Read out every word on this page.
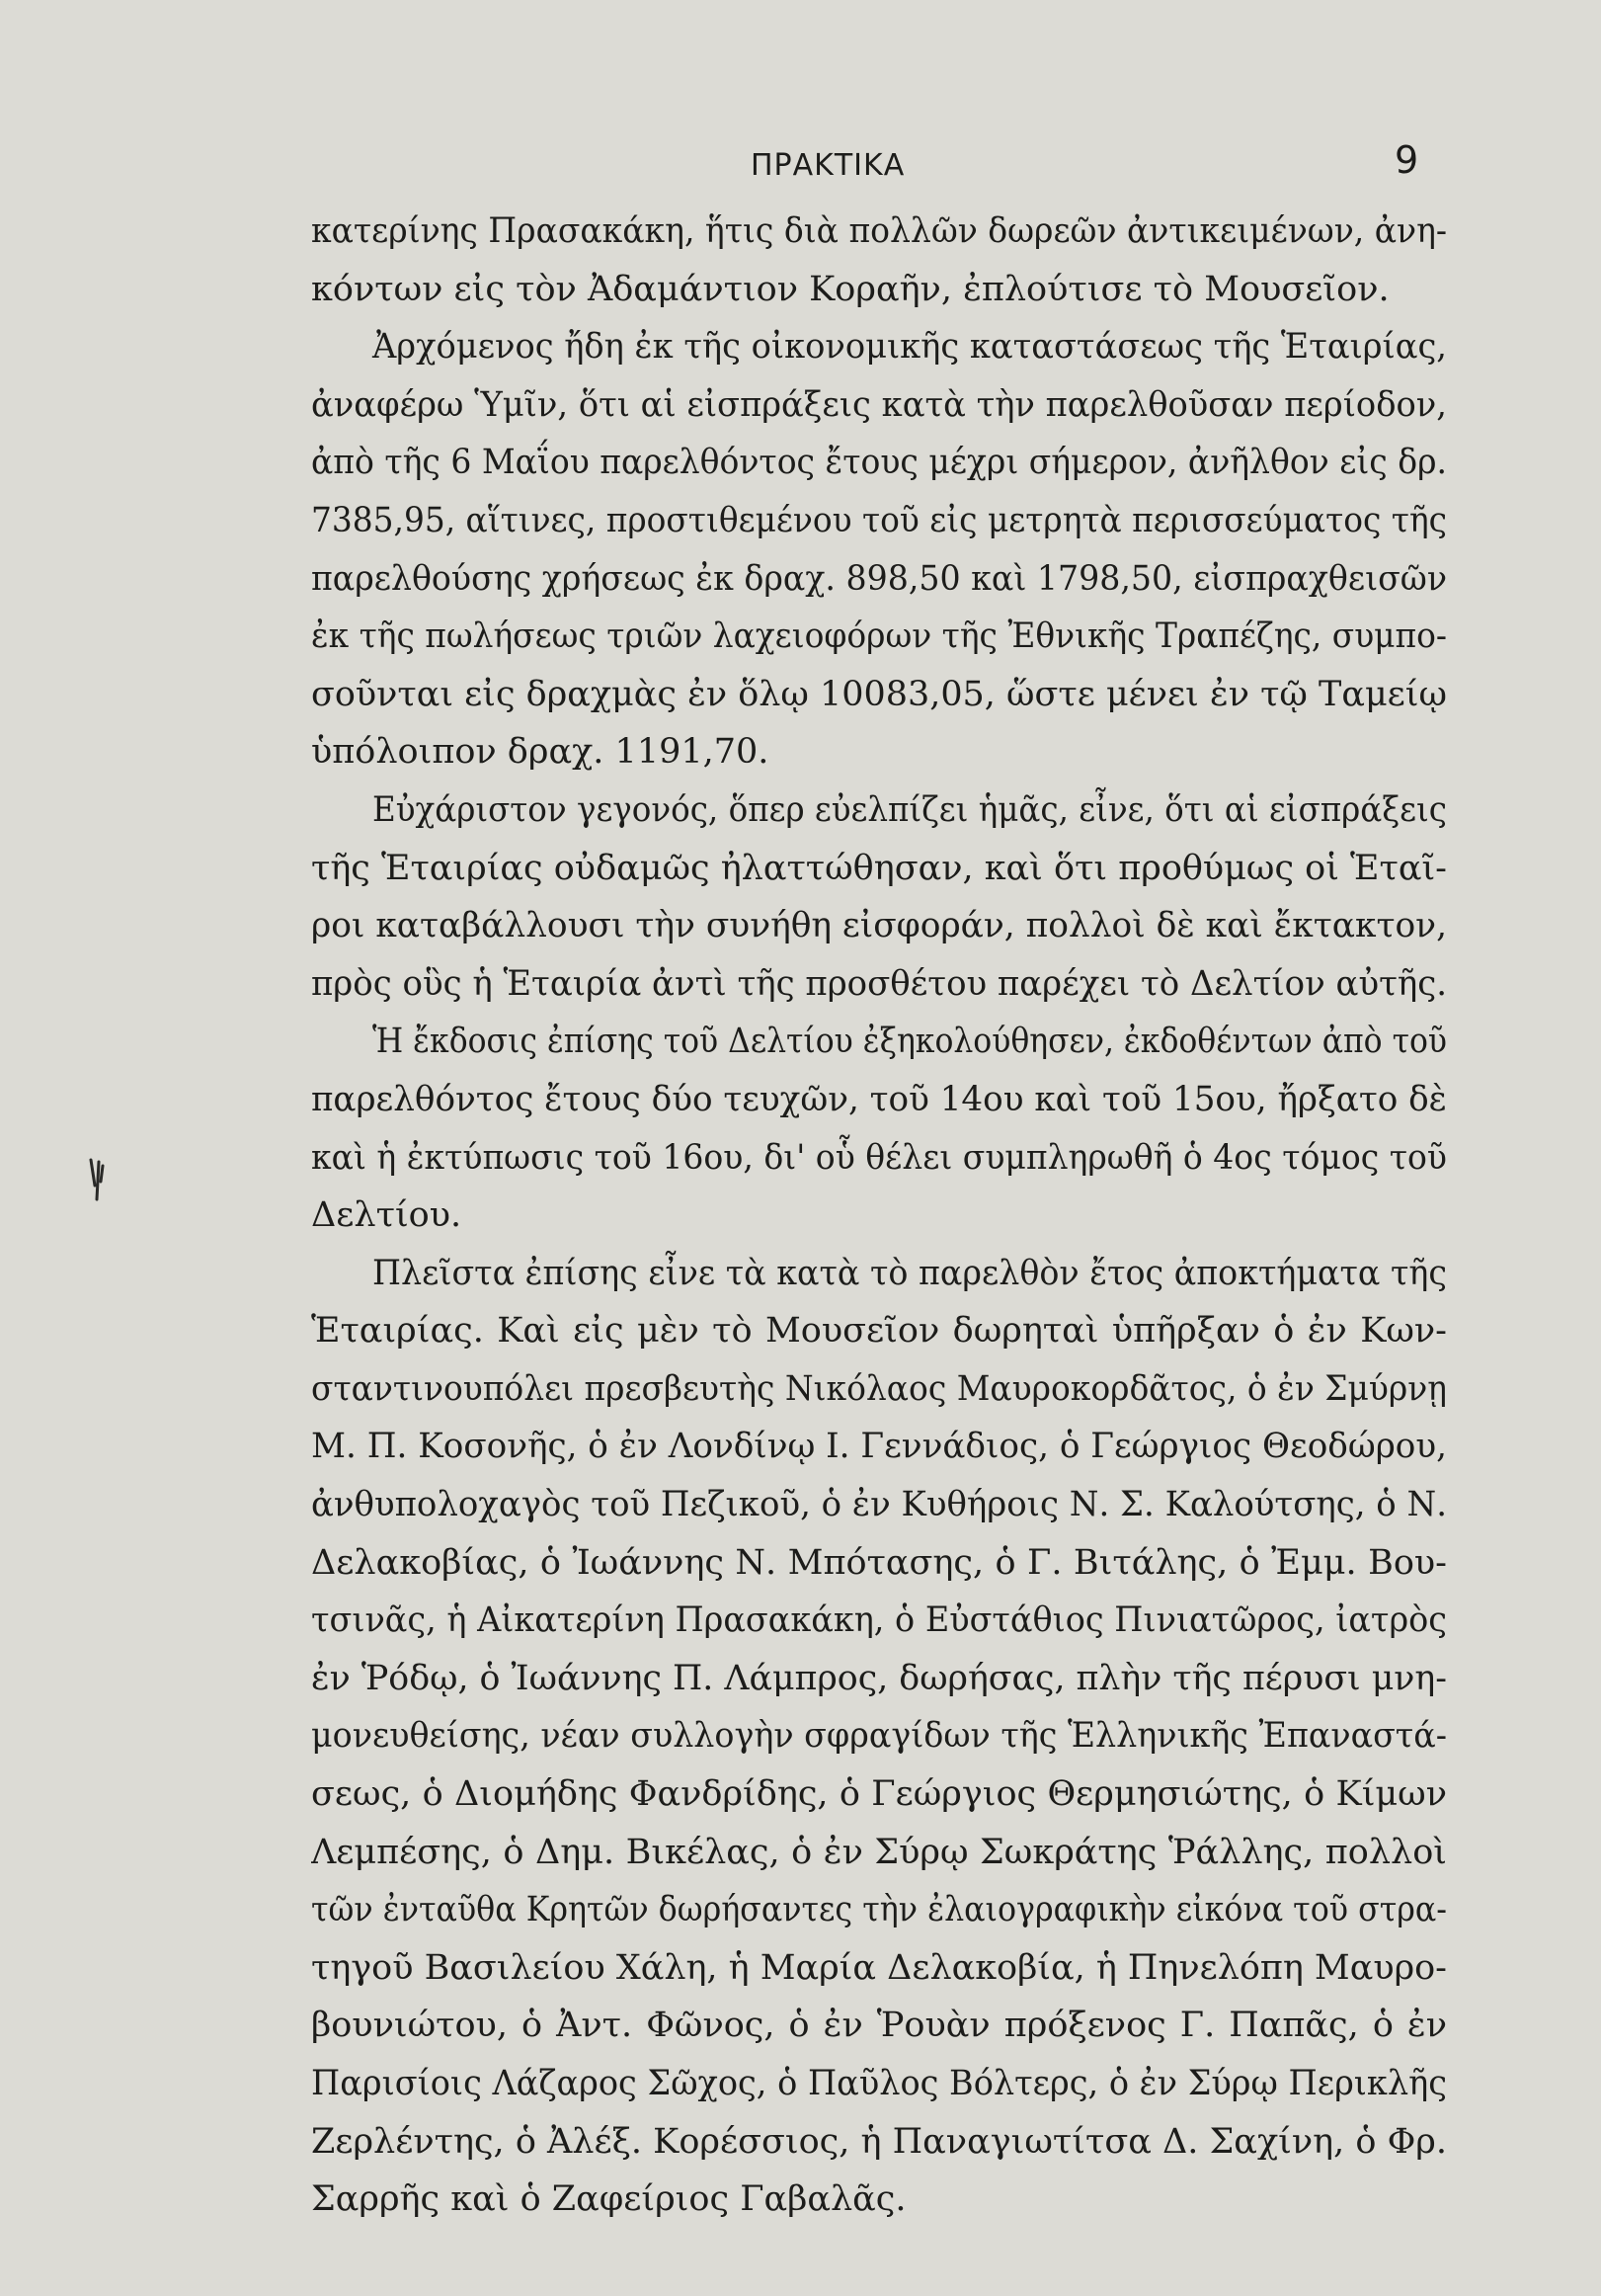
ΠΡΑΚΤΙΚΑ	9
κατερίνης Πρασακάκη, ἥτις διὰ πολλῶν δωρεῶν ἀντικειμένων, ἀνη-
κόντων εἰς τὸν Ἀδαμάντιον Κοραῆν, ἐπλούτισε τὸ Μουσεῖον.
Ἀρχόμενος ἤδη ἐκ τῆς οἰκονομικῆς καταστάσεως τῆς Ἑταιρίας,
ἀναφέρω Ὑμῖν, ὅτι αἱ εἰσπράξεις κατὰ τὴν παρελθοῦσαν περίοδον,
ἀπὸ τῆς 6 Μαΐου παρελθόντος ἔτους μέχρι σήμερον, ἀνῆλθον εἰς δρ.
7385,95, αἵτινες, προστιθεμένου τοῦ εἰς μετρητὰ περισσεύματος τῆς
παρελθούσης χρήσεως ἐκ δραχ. 898,50 καὶ 1798,50, εἰσπραχθεισῶν
ἐκ τῆς πωλήσεως τριῶν λαχειοφόρων τῆς Ἐθνικῆς Τραπέζης, συμπο-
σοῦνται εἰς δραχμὰς ἐν ὅλῳ 10083,05, ὥστε μένει ἐν τῷ Ταμείῳ
ὑπόλοιπον δραχ. 1191,70.
Εὐχάριστον γεγονός, ὅπερ εὐελπίζει ἡμᾶς, εἶνε, ὅτι αἱ εἰσπράξεις
τῆς Ἑταιρίας οὐδαμῶς ἠλαττώθησαν, καὶ ὅτι προθύμως οἱ Ἑταῖ-
ροι καταβάλλουσι τὴν συνήθη εἰσφοράν, πολλοὶ δὲ καὶ ἔκτακτον,
πρὸς οὓς ἡ Ἑταιρία ἀντὶ τῆς προσθέτου παρέχει τὸ Δελτίον αὐτῆς.
Ἡ ἔκδοσις ἐπίσης τοῦ Δελτίου ἐξηκολούθησεν, ἐκδοθέντων ἀπὸ τοῦ
παρελθόντος ἔτους δύο τευχῶν, τοῦ 14ου καὶ τοῦ 15ου, ἤρξατο δὲ
καὶ ἡ ἐκτύπωσις τοῦ 16ου, δι' οὗ θέλει συμπληρωθῆ ὁ 4ος τόμος τοῦ
Δελτίου.
Πλεῖστα ἐπίσης εἶνε τὰ κατὰ τὸ παρελθὸν ἔτος ἀποκτήματα τῆς
Ἑταιρίας. Καὶ εἰς μὲν τὸ Μουσεῖον δωρηταὶ ὑπῆρξαν ὁ ἐν Κων-
σταντινουπόλει πρεσβευτὴς Νικόλαος Μαυροκορδᾶτος, ὁ ἐν Σμύρνῃ
Μ. Π. Κοσονῆς, ὁ ἐν Λονδίνῳ Ι. Γεννάδιος, ὁ Γεώργιος Θεοδώρου,
ἀνθυπολοχαγὸς τοῦ Πεζικοῦ, ὁ ἐν Κυθήροις Ν. Σ. Καλούτσης, ὁ Ν.
Δελακοβίας, ὁ Ἰωάννης Ν. Μπότασης, ὁ Γ. Βιτάλης, ὁ Ἐμμ. Βου-
τσινᾶς, ἡ Αἰκατερίνη Πρασακάκη, ὁ Εὐστάθιος Πινιατῶρος, ἰατρὸς
ἐν Ῥόδῳ, ὁ Ἰωάννης Π. Λάμπρος, δωρήσας, πλὴν τῆς πέρυσι μνη-
μονευθείσης, νέαν συλλογὴν σφραγίδων τῆς Ἑλληνικῆς Ἐπαναστά-
σεως, ὁ Διομήδης Φανδρίδης, ὁ Γεώργιος Θερμησιώτης, ὁ Κίμων
Λεμπέσης, ὁ Δημ. Βικέλας, ὁ ἐν Σύρῳ Σωκράτης Ῥάλλης, πολλοὶ
τῶν ἐνταῦθα Κρητῶν δωρήσαντες τὴν ἐλαιογραφικὴν εἰκόνα τοῦ στρα-
τηγοῦ Βασιλείου Χάλη, ἡ Μαρία Δελακοβία, ἡ Πηνελόπη Μαυρο-
βουνιώτου, ὁ Ἀντ. Φῶνος, ὁ ἐν Ῥουὰν πρόξενος Γ. Παπᾶς, ὁ ἐν
Παρισίοις Λάζαρος Σῶχος, ὁ Παῦλος Βόλτερς, ὁ ἐν Σύρῳ Περικλῆς
Ζερλέντης, ὁ Ἀλέξ. Κορέσσιος, ἡ Παναγιωτίτσα Δ. Σαχίνη, ὁ Φρ.
Σαρρῆς καὶ ὁ Ζαφείριος Γαβαλᾶς.
